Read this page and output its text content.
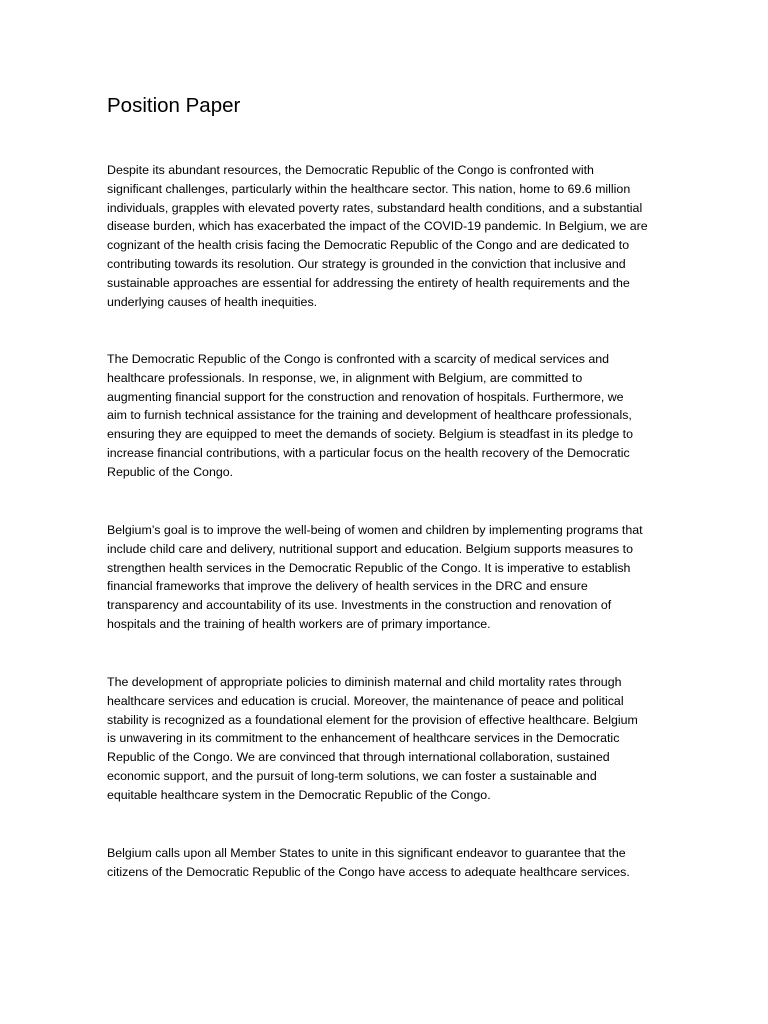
Position Paper

Despite its abundant resources, the Democratic Republic of the Congo is confronted with
significant challenges, particularly within the healthcare sector. This nation, home to 69.6 million
individuals, grapples with elevated poverty rates, substandard health conditions, and a substantial
disease burden, which has exacerbated the impact of the COVID-19 pandemic. In Belgium, we are
cognizant of the health crisis facing the Democratic Republic of the Congo and are dedicated to
contributing towards its resolution. Our strategy is grounded in the conviction that inclusive and
sustainable approaches are essential for addressing the entirety of health requirements and the
underlying causes of health inequities.

The Democratic Republic of the Congo is confronted with a scarcity of medical services and
healthcare professionals. In response, we, in alignment with Belgium, are committed to
augmenting financial support for the construction and renovation of hospitals. Furthermore, we
aim to furnish technical assistance for the training and development of healthcare professionals,
ensuring they are equipped to meet the demands of society. Belgium is steadfast in its pledge to
increase financial contributions, with a particular focus on the health recovery of the Democratic
Republic of the Congo.

Belgium’s goal is to improve the well-being of women and children by implementing programs that
include child care and delivery, nutritional support and education. Belgium supports measures to
strengthen health services in the Democratic Republic of the Congo. It is imperative to establish
financial frameworks that improve the delivery of health services in the DRC and ensure
transparency and accountability of its use. Investments in the construction and renovation of
hospitals and the training of health workers are of primary importance.

The development of appropriate policies to diminish maternal and child mortality rates through
healthcare services and education is crucial. Moreover, the maintenance of peace and political
stability is recognized as a foundational element for the provision of effective healthcare. Belgium
is unwavering in its commitment to the enhancement of healthcare services in the Democratic
Republic of the Congo. We are convinced that through international collaboration, sustained
economic support, and the pursuit of long-term solutions, we can foster a sustainable and
equitable healthcare system in the Democratic Republic of the Congo.

Belgium calls upon all Member States to unite in this significant endeavor to guarantee that the
citizens of the Democratic Republic of the Congo have access to adequate healthcare services.
